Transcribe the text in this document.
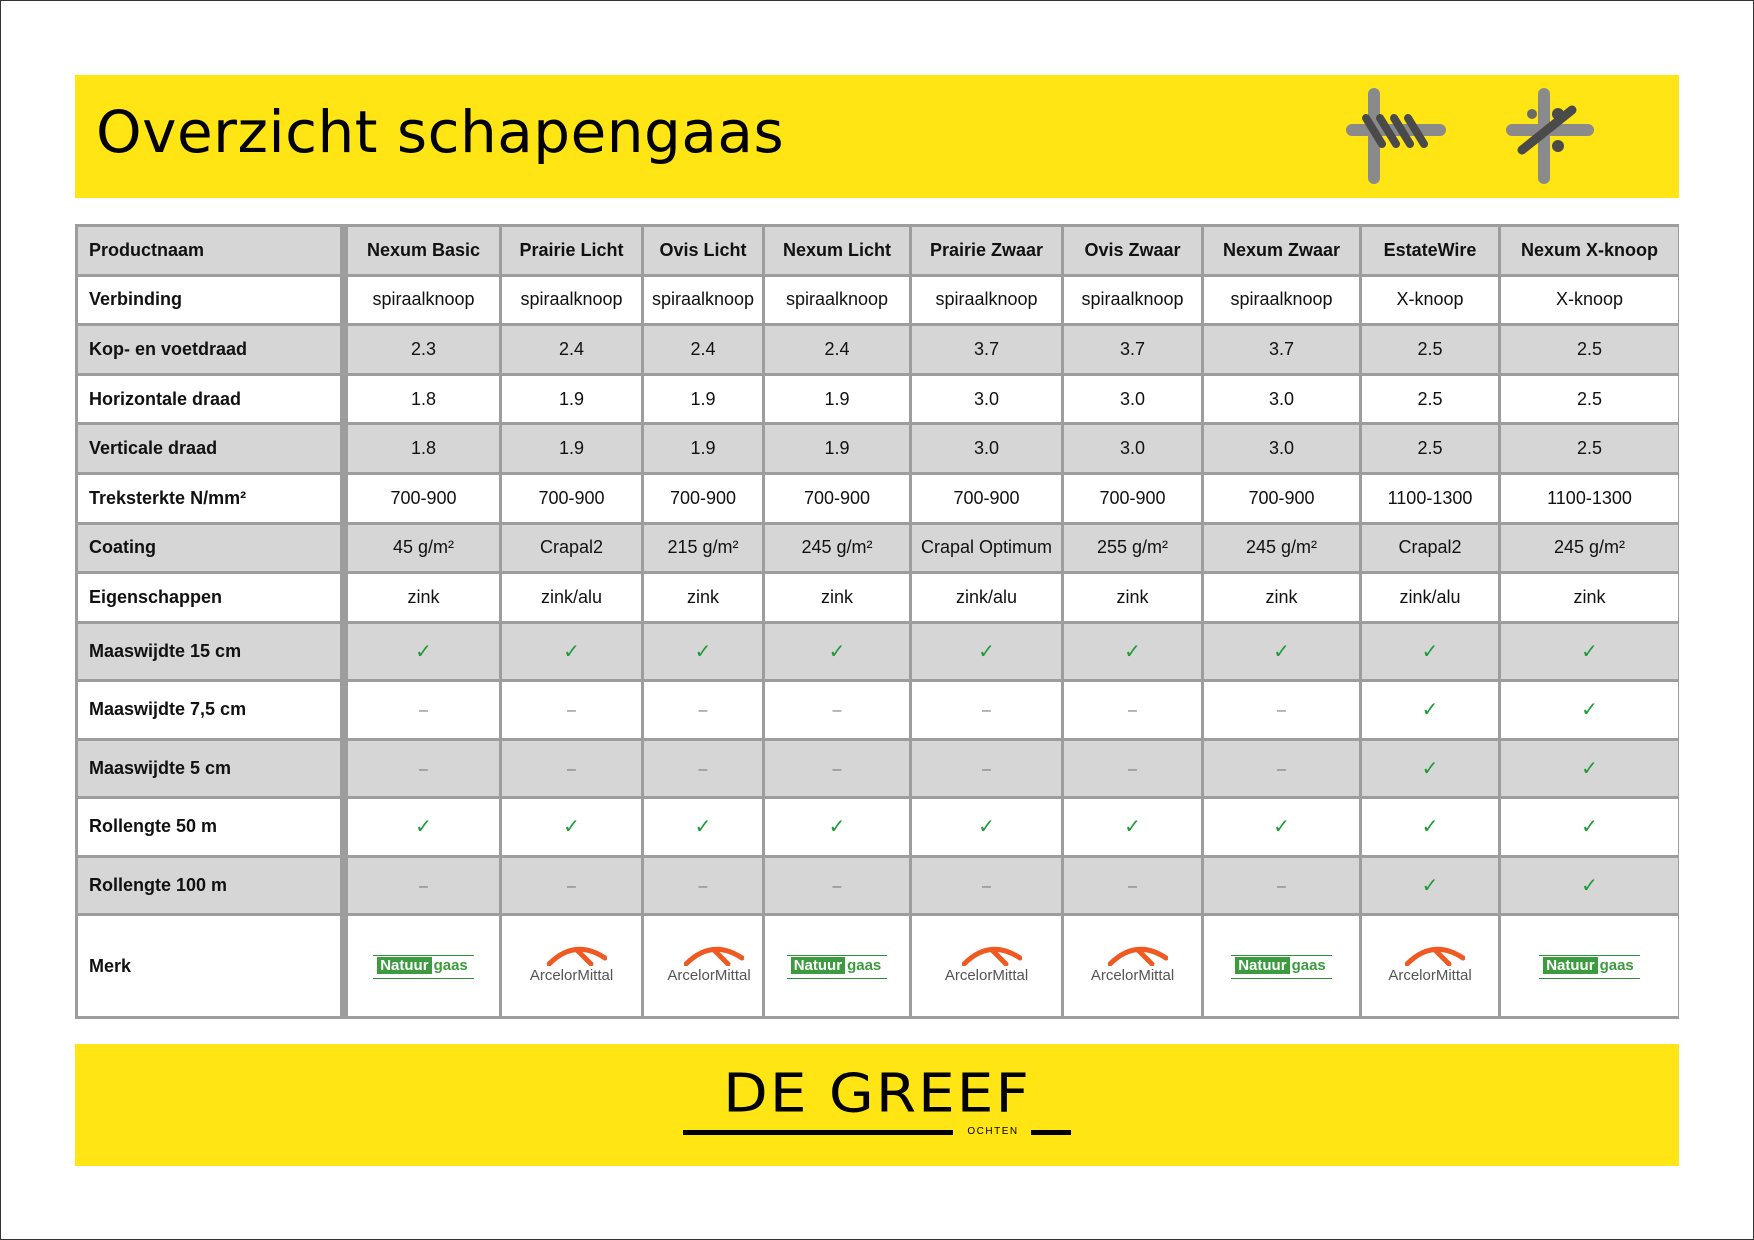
Overzicht schapengaas
Productnaam	Nexum Basic	Prairie Licht	Ovis Licht	Nexum Licht	Prairie Zwaar	Ovis Zwaar	Nexum Zwaar	EstateWire	Nexum X-knoop
Verbinding	spiraalknoop	spiraalknoop	spiraalknoop	spiraalknoop	spiraalknoop	spiraalknoop	spiraalknoop	X-knoop	X-knoop
Kop- en voetdraad	2.3	2.4	2.4	2.4	3.7	3.7	3.7	2.5	2.5
Horizontale draad	1.8	1.9	1.9	1.9	3.0	3.0	3.0	2.5	2.5
Verticale draad	1.8	1.9	1.9	1.9	3.0	3.0	3.0	2.5	2.5
Treksterkte N/mm²	700-900	700-900	700-900	700-900	700-900	700-900	700-900	1100-1300	1100-1300
Coating	45 g/m²	Crapal2	215 g/m²	245 g/m²	Crapal Optimum	255 g/m²	245 g/m²	Crapal2	245 g/m²
Eigenschappen	zink	zink/alu	zink	zink	zink/alu	zink	zink	zink/alu	zink
Maaswijdte 15 cm	✓	✓	✓	✓	✓	✓	✓	✓	✓
Maaswijdte 7,5 cm	–	–	–	–	–	–	–	✓	✓
Maaswijdte 5 cm	–	–	–	–	–	–	–	✓	✓
Rollengte 50 m	✓	✓	✓	✓	✓	✓	✓	✓	✓
Rollengte 100 m	–	–	–	–	–	–	–	✓	✓
Merk	Natuur gaas	ArcelorMittal	ArcelorMittal	Natuur gaas	ArcelorMittal	ArcelorMittal	Natuur gaas	ArcelorMittal	Natuur gaas
DE GREEF
OCHTEN
